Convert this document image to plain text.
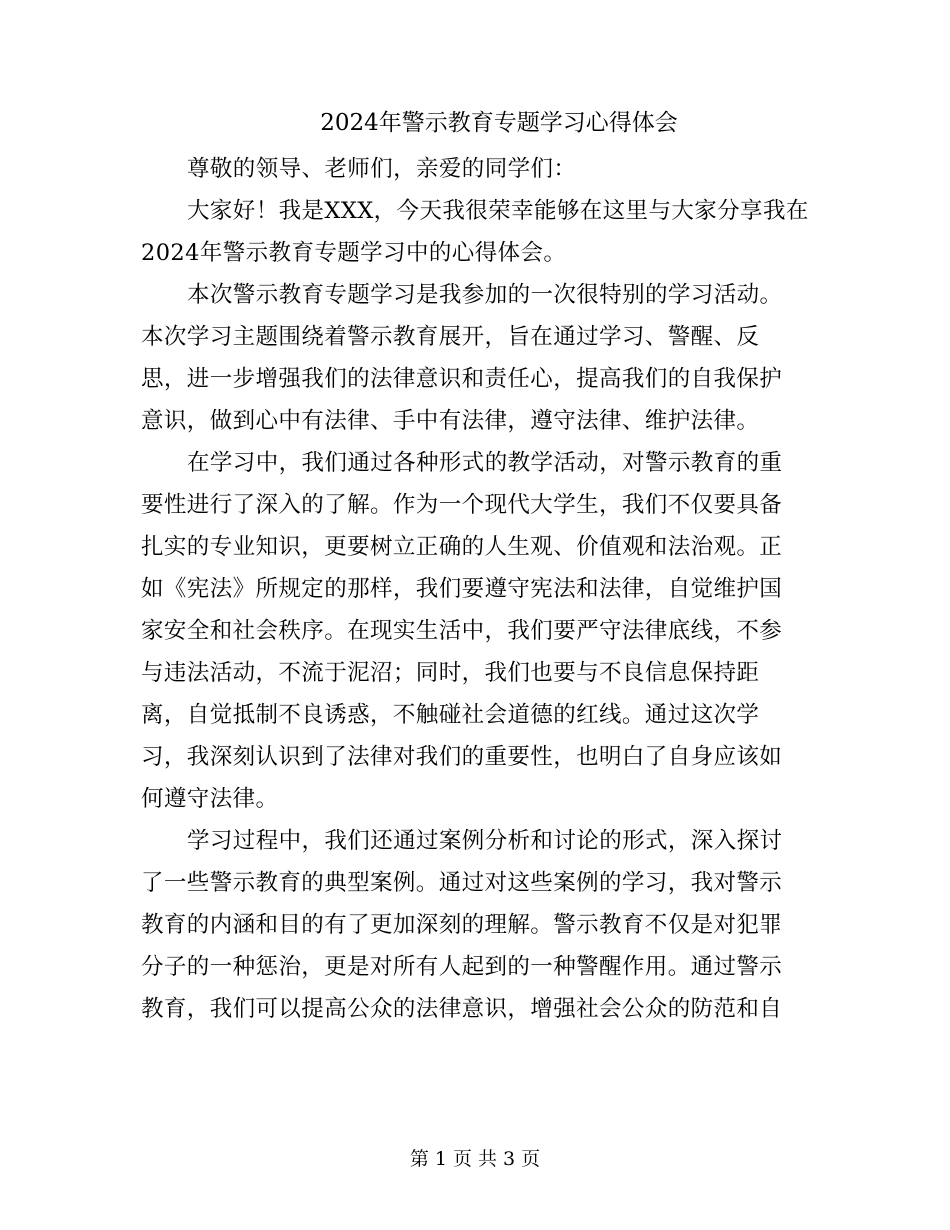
2024年警示教育专题学习心得体会

尊敬的领导、老师们，亲爱的同学们：

大家好！我是XXX，今天我很荣幸能够在这里与大家分享我在
2024年警示教育专题学习中的心得体会。

本次警示教育专题学习是我参加的一次很特别的学习活动。
本次学习主题围绕着警示教育展开，旨在通过学习、警醒、反
思，进一步增强我们的法律意识和责任心，提高我们的自我保护
意识，做到心中有法律、手中有法律，遵守法律、维护法律。

在学习中，我们通过各种形式的教学活动，对警示教育的重
要性进行了深入的了解。作为一个现代大学生，我们不仅要具备
扎实的专业知识，更要树立正确的人生观、价值观和法治观。正
如《宪法》所规定的那样，我们要遵守宪法和法律，自觉维护国
家安全和社会秩序。在现实生活中，我们要严守法律底线，不参
与违法活动，不流于泥沼；同时，我们也要与不良信息保持距
离，自觉抵制不良诱惑，不触碰社会道德的红线。通过这次学
习，我深刻认识到了法律对我们的重要性，也明白了自身应该如
何遵守法律。

学习过程中，我们还通过案例分析和讨论的形式，深入探讨
了一些警示教育的典型案例。通过对这些案例的学习，我对警示
教育的内涵和目的有了更加深刻的理解。警示教育不仅是对犯罪
分子的一种惩治，更是对所有人起到的一种警醒作用。通过警示
教育，我们可以提高公众的法律意识，增强社会公众的防范和自

第 1 页 共 3 页
